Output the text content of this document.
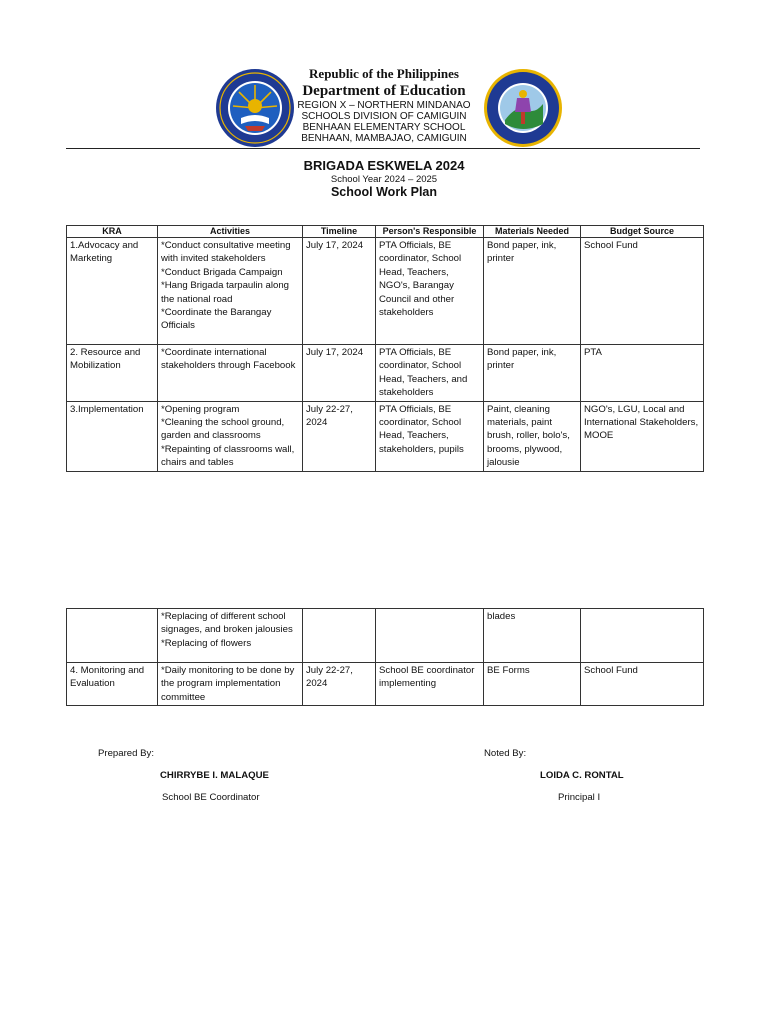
Republic of the Philippines
Department of Education
REGION X – NORTHERN MINDANAO
SCHOOLS DIVISION OF CAMIGUIN
BENHAAN ELEMENTARY SCHOOL
BENHAAN, MAMBAJAO, CAMIGUIN
BRIGADA ESKWELA 2024
School Year 2024 – 2025
School Work Plan
KRA	Activities	Timeline	Person's Responsible	Materials Needed	Budget Source
1.Advocacy and Marketing	*Conduct consultative meeting with invited stakeholders
*Conduct Brigada Campaign
*Hang Brigada tarpaulin along the national road
*Coordinate the Barangay Officials	July 17, 2024	PTA Officials, BE coordinator, School Head, Teachers, NGO's, Barangay Council and other stakeholders	Bond paper, ink, printer	School Fund
2. Resource and Mobilization	*Coordinate international stakeholders through Facebook	July 17, 2024	PTA Officials, BE coordinator, School Head, Teachers, and stakeholders	Bond paper, ink, printer	PTA
3.Implementation	*Opening program
*Cleaning the school ground, garden and classrooms
*Repainting of classrooms wall, chairs and tables	July 22-27, 2024	PTA Officials, BE coordinator, School Head, Teachers, stakeholders, pupils	Paint, cleaning materials, paint brush, roller, bolo's, brooms, plywood, jalousie	NGO's, LGU, Local and International Stakeholders, MOOE

	*Replacing of different school signages, and broken jalousies
*Replacing of flowers			blades	
4. Monitoring and Evaluation	*Daily monitoring to be done by the program implementation committee	July 22-27, 2024	School BE coordinator implementing	BE Forms	School Fund
Prepared By:
CHIRRYBE I. MALAQUE
School BE Coordinator
Noted By:
LOIDA C. RONTAL
Principal I
